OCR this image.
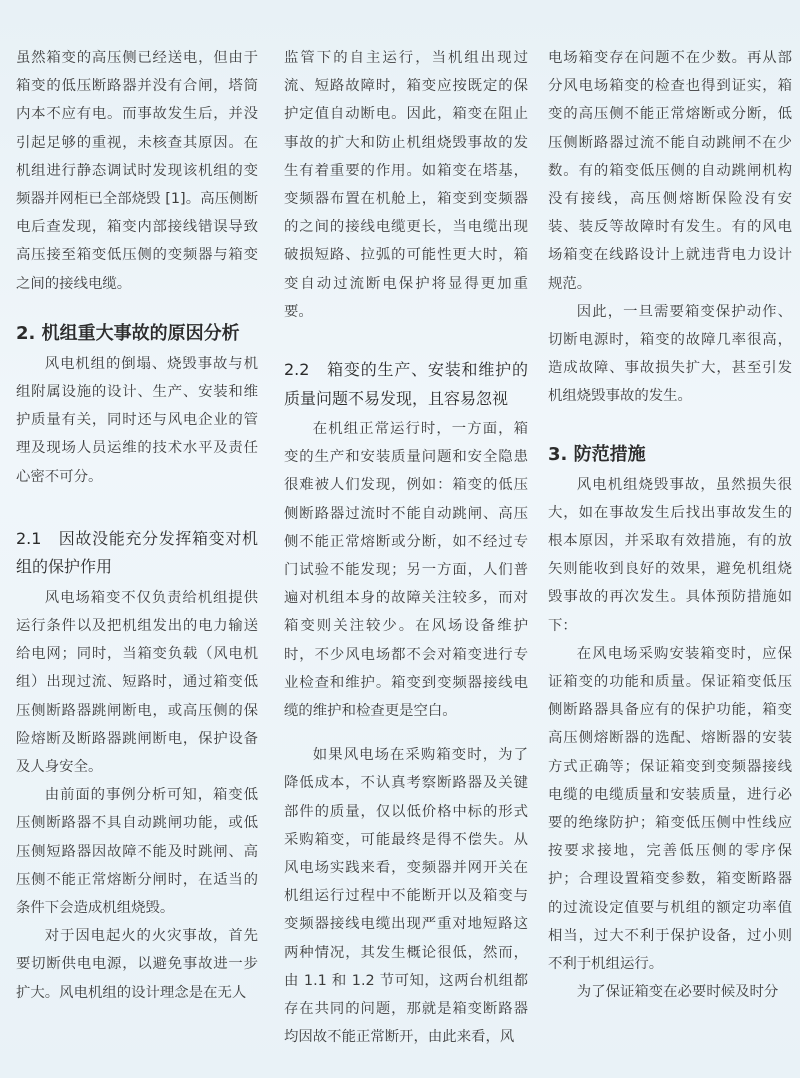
虽然箱变的高压侧已经送电，但由于箱变的低压断路器并没有合闸，塔筒内本不应有电。而事故发生后，并没引起足够的重视，未核查其原因。在机组进行静态调试时发现该机组的变频器并网柜已全部烧毁 [1]。高压侧断电后查发现，箱变内部接线错误导致高压接至箱变低压侧的变频器与箱变之间的接线电缆。

2. 机组重大事故的原因分析

风电机组的倒塌、烧毁事故与机组附属设施的设计、生产、安装和维护质量有关，同时还与风电企业的管理及现场人员运维的技术水平及责任心密不可分。

2.1　因故没能充分发挥箱变对机组的保护作用

风电场箱变不仅负责给机组提供运行条件以及把机组发出的电力输送给电网；同时，当箱变负载（风电机组）出现过流、短路时，通过箱变低压侧断路器跳闸断电，或高压侧的保险熔断及断路器跳闸断电，保护设备及人身安全。

由前面的事例分析可知，箱变低压侧断路器不具自动跳闸功能，或低压侧短路器因故障不能及时跳闸、高压侧不能正常熔断分闸时，在适当的条件下会造成机组烧毁。

对于因电起火的火灾事故，首先要切断供电电源，以避免事故进一步扩大。风电机组的设计理念是在无人

监管下的自主运行，当机组出现过流、短路故障时，箱变应按既定的保护定值自动断电。因此，箱变在阻止事故的扩大和防止机组烧毁事故的发生有着重要的作用。如箱变在塔基，变频器布置在机舱上，箱变到变频器的之间的接线电缆更长，当电缆出现破损短路、拉弧的可能性更大时，箱变自动过流断电保护将显得更加重要。

2.2　箱变的生产、安装和维护的质量问题不易发现，且容易忽视

在机组正常运行时，一方面，箱变的生产和安装质量问题和安全隐患很难被人们发现，例如：箱变的低压侧断路器过流时不能自动跳闸、高压侧不能正常熔断或分断，如不经过专门试验不能发现；另一方面，人们普遍对机组本身的故障关注较多，而对箱变则关注较少。在风场设备维护时，不少风电场都不会对箱变进行专业检查和维护。箱变到变频器接线电缆的维护和检查更是空白。

如果风电场在采购箱变时，为了降低成本，不认真考察断路器及关键部件的质量，仅以低价格中标的形式采购箱变，可能最终是得不偿失。从风电场实践来看，变频器并网开关在机组运行过程中不能断开以及箱变与变频器接线电缆出现严重对地短路这两种情况，其发生概论很低，然而，由 1.1 和 1.2 节可知，这两台机组都存在共同的问题，那就是箱变断路器均因故不能正常断开，由此来看，风

电场箱变存在问题不在少数。再从部分风电场箱变的检查也得到证实，箱变的高压侧不能正常熔断或分断，低压侧断路器过流不能自动跳闸不在少数。有的箱变低压侧的自动跳闸机构没有接线，高压侧熔断保险没有安装、装反等故障时有发生。有的风电场箱变在线路设计上就违背电力设计规范。

因此，一旦需要箱变保护动作、切断电源时，箱变的故障几率很高，造成故障、事故损失扩大，甚至引发机组烧毁事故的发生。

3. 防范措施

风电机组烧毁事故，虽然损失很大，如在事故发生后找出事故发生的根本原因，并采取有效措施，有的放矢则能收到良好的效果，避免机组烧毁事故的再次发生。具体预防措施如下：

在风电场采购安装箱变时，应保证箱变的功能和质量。保证箱变低压侧断路器具备应有的保护功能，箱变高压侧熔断器的选配、熔断器的安装方式正确等；保证箱变到变频器接线电缆的电缆质量和安装质量，进行必要的绝缘防护；箱变低压侧中性线应按要求接地，完善低压侧的零序保护；合理设置箱变参数，箱变断路器的过流设定值要与机组的额定功率值相当，过大不利于保护设备，过小则不利于机组运行。

为了保证箱变在必要时候及时分
